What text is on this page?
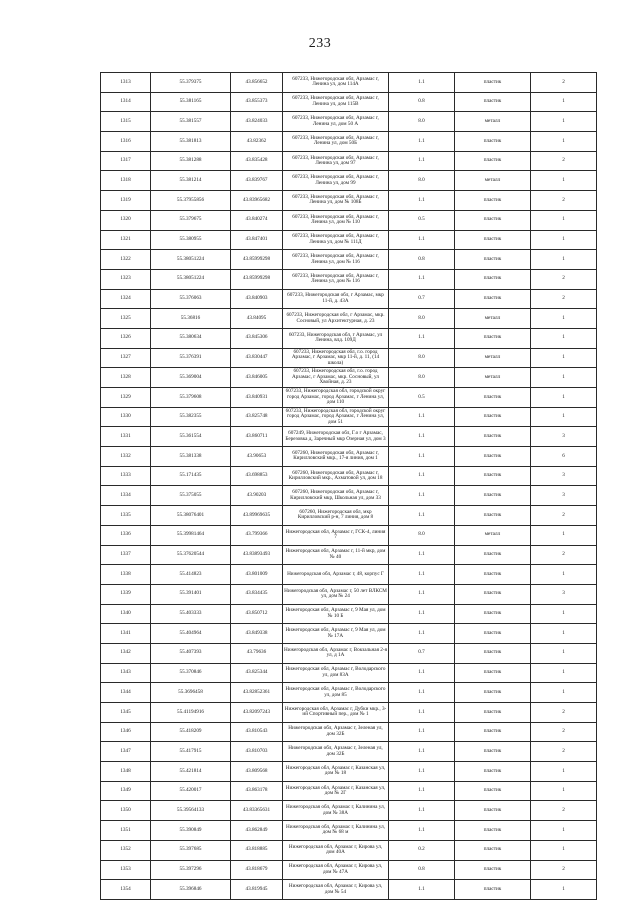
233
1313	55.379375	43.856652	607233, Нижегородская обл, Арзамас г, Ленина ул, дом 114А	1.1	пластик	2
1314	55.381165	43.855373	607233, Нижегородская обл, Арзамас г, Ленина ул, дом 115В	0.8	пластик	1
1315	55.381557	43.824033	607233, Нижегородская обл, Арзамас г, Ленина ул, дом 50 А	8.0	металл	1
1316	55.381813	43.82362	607233, Нижегородская обл, Арзамас г, Ленина ул, дом 50Б	1.1	пластик	1
1317	55.381288	43.835428	607233, Нижегородская обл, Арзамас г, Ленина ул, дом 97	1.1	пластик	2
1318	55.381214	43.839767	607233, Нижегородская обл, Арзамас г, Ленина ул, дом 99	8.0	металл	1
1319	55.37955856	43.83965682	607233, Нижегородская обл, Арзамас г, Ленина ул, дом № 108Б	1.1	пластик	2
1320	55.379675	43.840274	607233, Нижегородская обл, Арзамас г, Ленина ул, дом № 110	0.5	пластик	1
1321	55.380955	43.847401	607233, Нижегородская обл, Арзамас г, Ленина ул, дом № 111Д	1.1	пластик	1
1322	55.38051224	43.85999298	607233, Нижегородская обл, Арзамас г, Ленина ул, дом № 116	0.8	пластик	1
1323	55.38051224	43.85999298	607233, Нижегородская обл, Арзамас г, Ленина ул, дом № 116	1.1	пластик	2
1324	55.376063	43.840903	607233, Нижегородская обл, г Арзамас, мкр 11-й, д. 43А	0.7	пластик	2
1325	55.36816	43.84095	607233, Нижегородская обл, г Арзамас, мкр. Сосновый, ул Архитектурная, д. 23	8.0	металл	1
1326	55.380634	43.845306	607233, Нижегородская обл, г Арзамас, ул Ленина, влд. 109Д	1.1	пластик	1
1327	55.376391	43.830447	607233, Нижегородская обл, г.о. город Арзамас, г Арзамас, мкр 11-й, д. 11, (14 школа)	8.0	металл	1
1328	55.369004	43.846005	607233, Нижегородская обл, г.о. город Арзамас, г Арзамас, мкр. Сосновый, ул Хвойная, д. 23	8.0	металл	1
1329	55.379608	43.840931	607233, Нижегородская обл, городской округ город Арзамас, город Арзамас, г Ленина ул, дом 110	0.5	пластик	1
1330	55.382355	43.825748	607233, Нижегородская обл, городской округ город Арзамас, город Арзамас, г Ленина ул, дом 51	1.1	пластик	1
1331	55.361554	43.860711	607249, Нижегородская обл, Г.о г Арзамас, Березовка д, Заречный мкр Озерная ул, дом 3	1.1	пластик	3
1332	55.381338	43.90653	607260, Нижегородская обл, Арзамас г, Кирилловский мкр., 17-я линия, дом 1	1.1	пластик	6
1333	55.171435	43.698853	607260, Нижегородская обл, Арзамас г, Кирилловский мкр., Ахматовой ул, дом 18	1.1	пластик	3
1334	55.375055	43.90203	607260, Нижегородская обл, Арзамас г, Кирилловский мкр, Школьная ул, дом 33	1.1	пластик	3
1335	55.38076401	43.89969635	607260, Нижегородская обл, мкр Кирилловский р-н, 7 линия, дом 8	1.1	пластик	2
1336	55.39981464	43.799366	Нижегородская обл, Арзамас г, ГСК-4, линия 7	8.0	металл	1
1337	55.37620544	43.83893493	Нижегородская обл, Арзамас г, 11-й мкр, дом № 40	1.1	пластик	2
1338	55.414823	43.801009	Нижегородская обл, Арзамас г, 48, корпус Г	1.1	пластик	1
1339	55.391401	43.834435	Нижегородская обл, Арзамас г, 50 лет ВЛКСМ ул, дом № 24	1.1	пластик	3
1340	55.403333	43.850712	Нижегородская обл, Арзамас г, 9 Мая ул, дом № 10 Б	1.1	пластик	1
1341	55.404964	43.849338	Нижегородская обл, Арзамас г, 9 Мая ул, дом № 17А	1.1	пластик	1
1342	55.407393	43.79636	Нижегородская обл, Арзамас г, Вокзальная 2-я ул, д 1А	0.7	пластик	1
1343	55.370846	43.825344	Нижегородская обл, Арзамас г, Володарского ул, дом 83А	1.1	пластик	1
1344	55.3696458	43.82852361	Нижегородская обл, Арзамас г, Володарского ул, дом 85	1.1	пластик	1
1345	55.41194916	43.82097243	Нижегородская обл, Арзамас г, Дубки мкр., 3-ий Спортивный пер., дом № 1	1.1	пластик	2
1346	55.418209	43.810543	Нижегородская обл, Арзамас г, Зеленая ул, дом 32Б	1.1	пластик	2
1347	55.417915	43.810703	Нижегородская обл, Арзамас г, Зеленая ул, дом 32Б	1.1	пластик	2
1348	55.421814	43.809568	Нижегородская обл, Арзамас г, Казанская ул, дом № 18	1.1	пластик	1
1349	55.420017	43.863178	Нижегородская обл, Арзамас г, Казанская ул, дом № 2Г	1.1	пластик	1
1350	55.39564133	43.83365631	Нижегородская обл, Арзамас г, Калинина ул, дом № 38А	1.1	пластик	2
1351	55.390849	43.862849	Нижегородская обл, Арзамас г, Калинина ул, дом № 68 м	1.1	пластик	1
1352	55.397685	43.818885	Нижегородская обл, Арзамас г, Кирова ул, дом 40А	0.2	пластик	1
1353	55.397296	43.818679	Нижегородская обл, Арзамас г, Кирова ул, дом № 47А	0.8	пластик	2
1354	55.396846	43.819945	Нижегородская обл, Арзамас г, Кирова ул, дом № 54	1.1	пластик	1
